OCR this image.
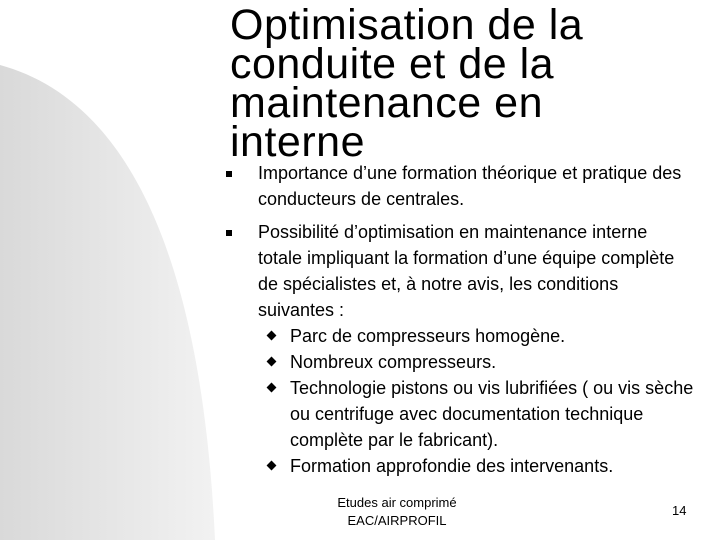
Optimisation de la
conduite et de la
maintenance en
interne
Importance d’une formation théorique et pratique des conducteurs de centrales.
Possibilité d’optimisation en maintenance interne totale impliquant la formation d’une équipe complète de spécialistes et, à notre avis, les conditions suivantes :
Parc de compresseurs homogène.
Nombreux compresseurs.
Technologie pistons ou vis lubrifiées ( ou vis sèche ou centrifuge avec documentation technique complète par le fabricant).
Formation approfondie des intervenants.
Etudes air comprimé
EAC/AIRPROFIL
14
